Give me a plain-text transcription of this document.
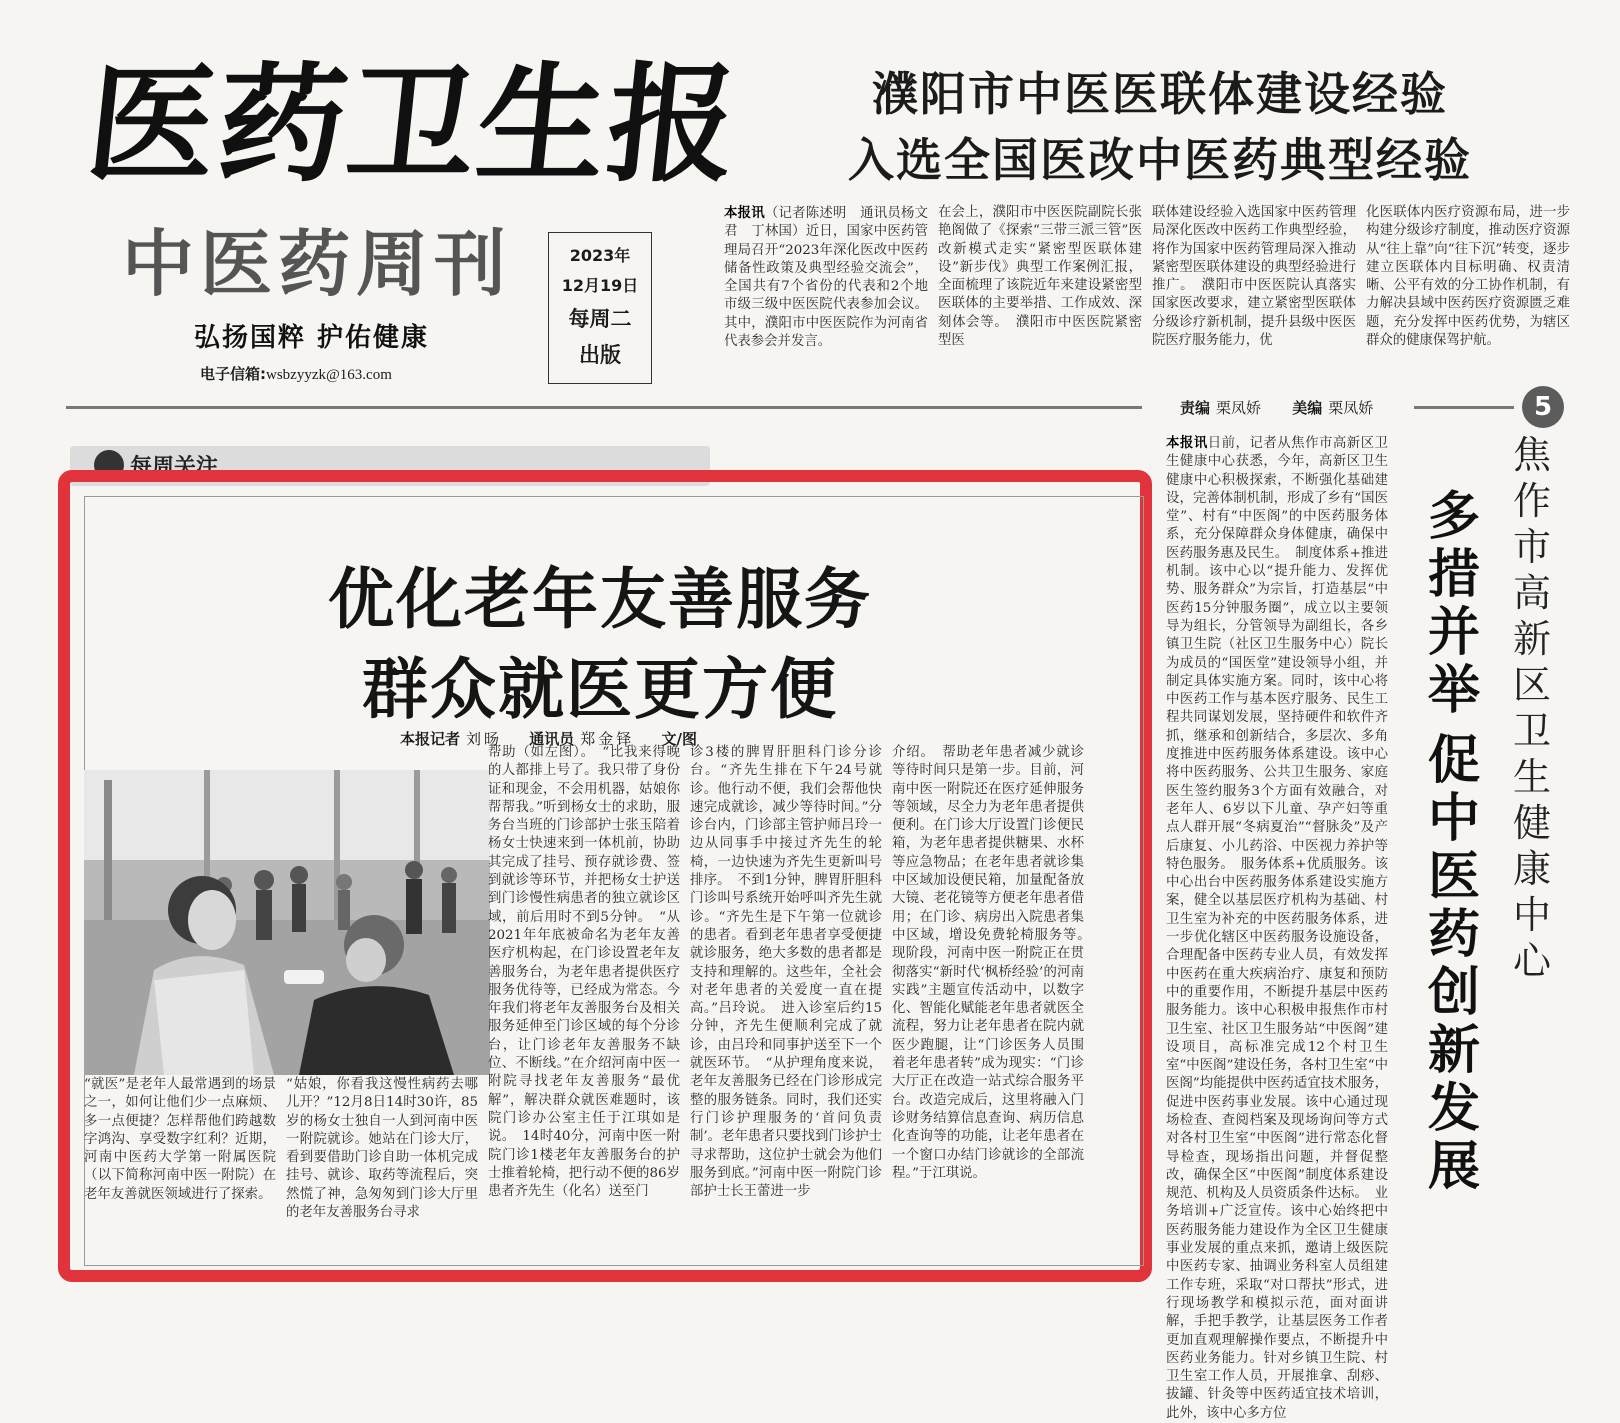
医药卫生报
中医药周刊
弘扬国粹 护佑健康
电子信箱:wsbzyyzk@163.com
2023年
12月19日
每周二
出版
濮阳市中医医联体建设经验
入选全国医改中医药典型经验
本报讯（记者陈述明　通讯员杨文君　丁林国）近日，国家中医药管理局召开“2023年深化医改中医药储备性政策及典型经验交流会”，全国共有7个省份的代表和2个地市级三级中医医院代表参加会议。其中，濮阳市中医医院作为河南省代表参会并发言。
在会上，濮阳市中医医院副院长张艳阁做了《探索“三带三派三管”医改新模式走实“紧密型医联体建设”新步伐》典型工作案例汇报，全面梳理了该院近年来建设紧密型医联体的主要举措、工作成效、深刻体会等。　濮阳市中医医院紧密型医
联体建设经验入选国家中医药管理局深化医改中医药工作典型经验，将作为国家中医药管理局深入推动紧密型医联体建设的典型经验进行推广。　濮阳市中医医院认真落实国家医改要求，建立紧密型医联体分级诊疗新机制，提升县级中医医院医疗服务能力，优
化医联体内医疗资源布局，进一步构建分级诊疗制度，推动医疗资源从“往上靠”向“往下沉”转变，逐步建立医联体内目标明确、权责清晰、公平有效的分工协作机制，有力解决县域中医药医疗资源匮乏难题，充分发挥中医药优势，为辖区群众的健康保驾护航。
责编 栗凤娇 美编 栗凤娇	5
每周关注
优化老年友善服务
群众就医更方便
本报记者 刘旸 通讯员 郑金铎 文/图
“就医”是老年人最常遇到的场景之一，如何让他们少一点麻烦、多一点便捷？怎样帮他们跨越数字鸿沟、享受数字红利？近期，河南中医药大学第一附属医院（以下简称河南中医一附院）在老年友善就医领域进行了探索。
“姑娘，你看我这慢性病药去哪儿开？”12月8日14时30许，85岁的杨女士独自一人到河南中医一附院就诊。她站在门诊大厅，看到要借助门诊自助一体机完成挂号、就诊、取药等流程后，突然慌了神，急匆匆到门诊大厅里的老年友善服务台寻求
帮助（如左图）。　“比我来得晚的人都排上号了。我只带了身份证和现金，不会用机器，姑娘你帮帮我。”听到杨女士的求助，服务台当班的门诊部护士张玉陪着杨女士快速来到一体机前，协助其完成了挂号、预存就诊费、签到就诊等环节，并把杨女士护送到门诊慢性病患者的独立就诊区域，前后用时不到5分钟。　“从2021年年底被命名为老年友善医疗机构起，在门诊设置老年友善服务台，为老年患者提供医疗服务优待等，已经成为常态。今年我们将老年友善服务台及相关服务延伸至门诊区域的每个分诊台，让门诊老年友善服务不缺位、不断线。”在介绍河南中医一附院寻找老年友善服务“最优解”，解决群众就医难题时，该院门诊办公室主任于江琪如是说。　14时40分，河南中医一附院门诊1楼老年友善服务台的护士推着轮椅，把行动不便的86岁患者齐先生（化名）送至门
诊3楼的脾胃肝胆科门诊分诊台。“齐先生排在下午24号就诊。他行动不便，我们会帮他快速完成就诊，减少等待时间。”分诊台内，门诊部主管护师吕玲一边从同事手中接过齐先生的轮椅，一边快速为齐先生更新叫号排序。　不到1分钟，脾胃肝胆科门诊叫号系统开始呼叫齐先生就诊。“齐先生是下午第一位就诊的患者。看到老年患者享受便捷就诊服务，绝大多数的患者都是支持和理解的。这些年，全社会对老年患者的关爱度一直在提高。”吕玲说。　进入诊室后约15分钟，齐先生便顺利完成了就诊，由吕玲和同事护送至下一个就医环节。　“从护理角度来说，老年友善服务已经在门诊形成完整的服务链条。同时，我们还实行门诊护理服务的‘首问负责制’。老年患者只要找到门诊护士寻求帮助，这位护士就会为他们服务到底。”河南中医一附院门诊部护士长王蕾进一步
介绍。　帮助老年患者减少就诊等待时间只是第一步。目前，河南中医一附院还在医疗延伸服务等领域，尽全力为老年患者提供便利。在门诊大厅设置门诊便民箱，为老年患者提供糖果、水杯等应急物品；在老年患者就诊集中区域加设便民箱，加量配备放大镜、老花镜等方便老年患者借用；在门诊、病房出入院患者集中区域，增设免费轮椅服务等。　现阶段，河南中医一附院正在贯彻落实“新时代‘枫桥经验’的河南实践”主题宣传活动中，以数字化、智能化赋能老年患者就医全流程，努力让老年患者在院内就医少跑腿，让“门诊医务人员围着老年患者转”成为现实：“门诊大厅正在改造一站式综合服务平台。改造完成后，这里将融入门诊财务结算信息查询、病历信息化查询等的功能，让老年患者在一个窗口办结门诊就诊的全部流程。”于江琪说。
本报讯日前，记者从焦作市高新区卫生健康中心获悉，今年，高新区卫生健康中心积极探索，不断强化基础建设，完善体制机制，形成了乡有“国医堂”、村有“中医阁”的中医药服务体系，充分保障群众身体健康，确保中医药服务惠及民生。　制度体系+推进机制。该中心以“提升能力、发挥优势、服务群众”为宗旨，打造基层“中医药15分钟服务圈”，成立以主要领导为组长，分管领导为副组长，各乡镇卫生院（社区卫生服务中心）院长为成员的“国医堂”建设领导小组，并制定具体实施方案。同时，该中心将中医药工作与基本医疗服务、民生工程共同谋划发展，坚持硬件和软件齐抓，继承和创新结合，多层次、多角度推进中医药服务体系建设。该中心将中医药服务、公共卫生服务、家庭医生签约服务3个方面有效融合，对老年人、6岁以下儿童、孕产妇等重点人群开展“冬病夏治”“督脉灸”及产后康复、小儿药浴、中医视力养护等特色服务。　服务体系+优质服务。该中心出台中医药服务体系建设实施方案，健全以基层医疗机构为基础、村卫生室为补充的中医药服务体系，进一步优化辖区中医药服务设施设备，合理配备中医药专业人员，有效发挥中医药在重大疾病治疗、康复和预防中的重要作用，不断提升基层中医药服务能力。该中心积极申报焦作市村卫生室、社区卫生服务站“中医阁”建设项目，高标准完成12个村卫生室“中医阁”建设任务，各村卫生室“中医阁”均能提供中医药适宜技术服务，促进中医药事业发展。该中心通过现场检查、查阅档案及现场询问等方式对各村卫生室“中医阁”进行常态化督导检查，现场指出问题，并督促整改，确保全区“中医阁”制度体系建设规范、机构及人员资质条件达标。　业务培训+广泛宣传。该中心始终把中医药服务能力建设作为全区卫生健康事业发展的重点来抓，邀请上级医院中医药专家、抽调业务科室人员组建工作专班，采取“对口帮扶”形式，进行现场教学和模拟示范，面对面讲解，手把手教学，让基层医务工作者更加直观理解操作要点，不断提升中医药业务能力。针对乡镇卫生院、村卫生室工作人员，开展推拿、刮痧、拔罐、针灸等中医药适宜技术培训，此外，该中心多方位
焦作市高新区卫生健康中心
多措并举
促中医药创新发展
